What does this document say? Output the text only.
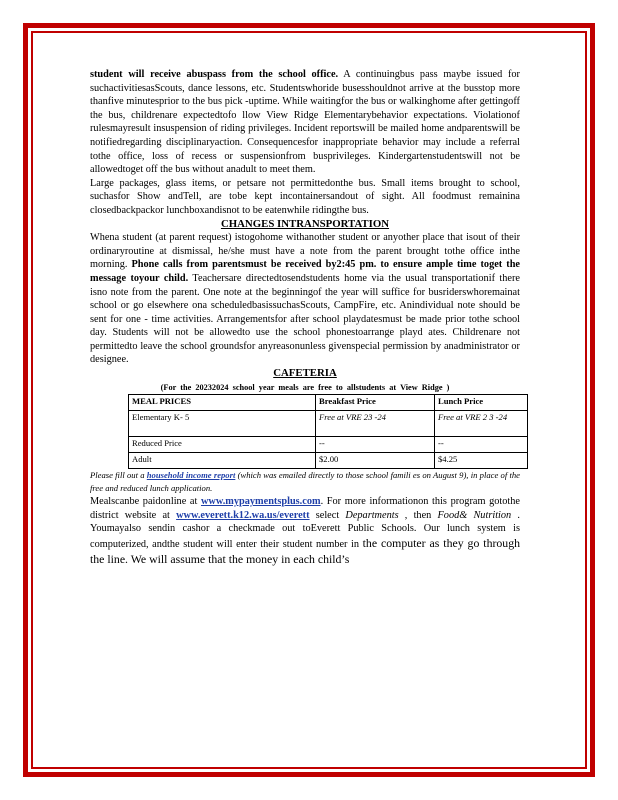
student will receive abuspass from the school office. A continuingbus pass maybe issued for suchactivitiesasScouts, dance lessons, etc. Studentswhoride busesshouldnot arrive at the busstop more thanfive minutesprior to the bus pick -uptime. While waitingfor the bus or walkinghome after gettingoff the bus, childrenare expectedtofo llow View Ridge Elementarybehavior expectations. Violationof rulesmayresult insuspension of riding privileges. Incident reportswill be mailed home andparentswill be notifiedregarding disciplinaryaction. Consequencesfor inappropriate behavior may include a referral tothe office, loss of recess or suspensionfrom busprivileges. Kindergartenstudentswill not be allowedtoget off the bus without anadult to meet them.

Large packages, glass items, or petsare not permittedonthe bus. Small items brought to school, suchasfor Show andTell, are tobe kept incontainersandout of sight. All foodmust remainina closedbackpackor lunchboxandisnot to be eatenwhile ridingthe bus.

CHANGES INTRANSPORTATION

Whena student (at parent request) istogohome withanother student or anyother place that isout of their ordinaryroutine at dismissal, he/she must have a note from the parent brought tothe office inthe morning. Phone calls from parentsmust be received by2:45 pm. to ensure ample time toget the message toyour child. Teachersare directedtosendstudents home via the usual transportationif there isno note from the parent. One note at the beginningof the year will suffice for busriderswhoremainat school or go elsewhere ona scheduledbasissuchasScouts, CampFire, etc. Anindividual note should be sent for one - time activities. Arrangementsfor after school playdatesmust be made prior tothe school day. Students will not be allowedto use the school phonestoarrange playd ates. Childrenare not permittedto leave the school groundsfor anyreasonunless givenspecial permission by anadministrator or designee.

CAFETERIA

(For the 20232024 school year meals are free to allstudents at View Ridge )

MEAL PRICES	Breakfast Price	Lunch Price
Elementary K- 5	Free at VRE 23 -24	Free at VRE 2 3 -24
Reduced Price	--	--
Adult	$2.00	$4.25

Please fill out a household income report (which was emailed directly to those school famili es on August 9), in place of the free and reduced lunch application.

Mealscanbe paidonline at www.mypaymentsplus.com. For more informationon this program gotothe district website at www.everett.k12.wa.us/everett select Departments , then Food& Nutrition . Youmayalso sendin cashor a checkmade out toEverett Public Schools. Our lunch system is computerized, andthe student will enter their student number in the computer as they go through the line. We will assume that the money in each child’s
